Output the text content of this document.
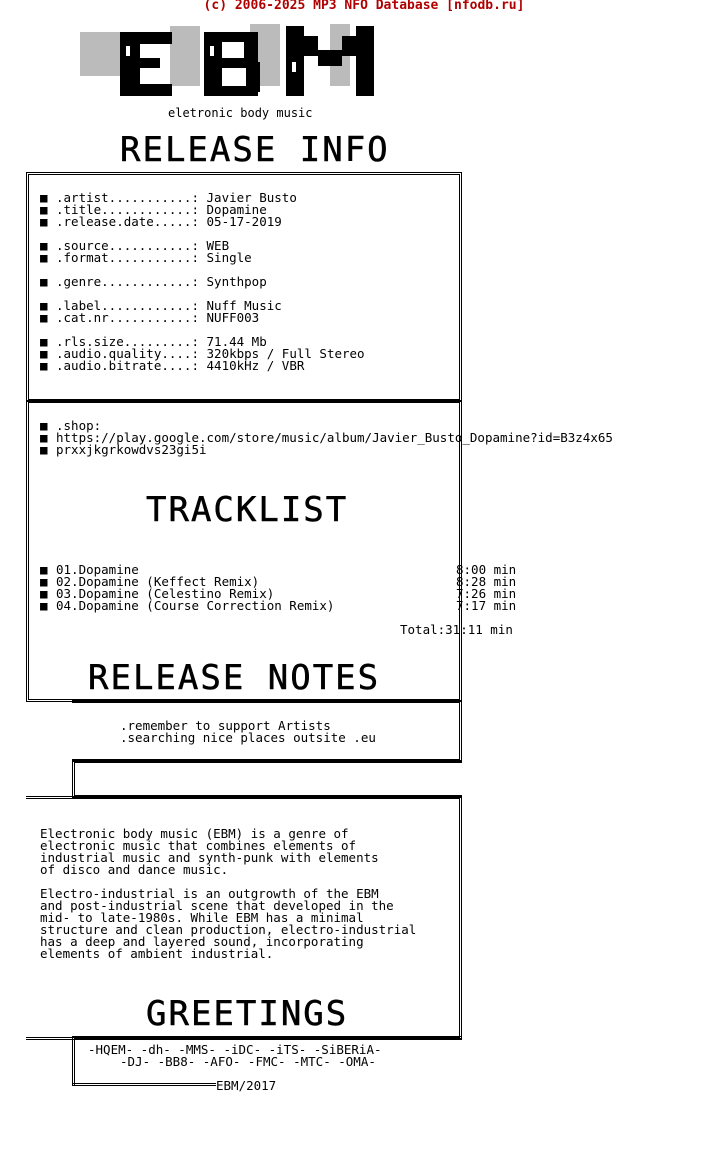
(c) 2006-2025 MP3 NFO Database [nfodb.ru]
eletronic body music
RELEASE INFO
■ .artist...........: Javier Busto
■ .title............: Dopamine
■ .release.date.....: 05-17-2019
■ .source...........: WEB
■ .format...........: Single
■ .genre............: Synthpop
■ .label............: Nuff Music
■ .cat.nr...........: NUFF003
■ .rls.size.........: 71.44 Mb
■ .audio.quality....: 320kbps / Full Stereo
■ .audio.bitrate....: 4410kHz / VBR
■ .shop:
■ https://play.google.com/store/music/album/Javier_Busto_Dopamine?id=B3z4x65
■ prxxjkgrkowdvs23gi5i
TRACKLIST
■ 01.Dopamine	8:00 min
■ 02.Dopamine (Keffect Remix)	8:28 min
■ 03.Dopamine (Celestino Remix)	7:26 min
■ 04.Dopamine (Course Correction Remix)	7:17 min
Total:31:11 min
RELEASE NOTES
.remember to support Artists
.searching nice places outsite .eu
Electronic body music (EBM) is a genre of
electronic music that combines elements of
industrial music and synth-punk with elements
of disco and dance music.
Electro-industrial is an outgrowth of the EBM
and post-industrial scene that developed in the
mid- to late-1980s. While EBM has a minimal
structure and clean production, electro-industrial
has a deep and layered sound, incorporating
elements of ambient industrial.
GREETINGS
-HQEM- -dh- -MMS- -iDC- -iTS- -SiBERiA-
-DJ- -BB8- -AFO- -FMC- -MTC- -OMA-
EBM/2017
